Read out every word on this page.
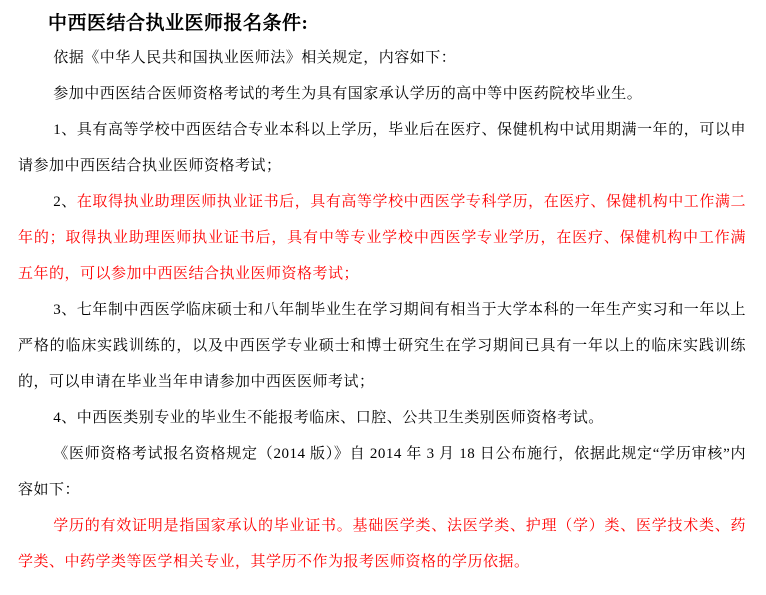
中西医结合执业医师报名条件:

依据《中华人民共和国执业医师法》相关规定，内容如下：

参加中西医结合医师资格考试的考生为具有国家承认学历的高中等中医药院校毕业生。

1、具有高等学校中西医结合专业本科以上学历，毕业后在医疗、保健机构中试用期满一年的，可以申请参加中西医结合执业医师资格考试；

2、在取得执业助理医师执业证书后，具有高等学校中西医学专科学历，在医疗、保健机构中工作满二年的；取得执业助理医师执业证书后，具有中等专业学校中西医学专业学历，在医疗、保健机构中工作满五年的，可以参加中西医结合执业医师资格考试；

3、七年制中西医学临床硕士和八年制毕业生在学习期间有相当于大学本科的一年生产实习和一年以上严格的临床实践训练的，以及中西医学专业硕士和博士研究生在学习期间已具有一年以上的临床实践训练的，可以申请在毕业当年申请参加中西医医师考试；

4、中西医类别专业的毕业生不能报考临床、口腔、公共卫生类别医师资格考试。

《医师资格考试报名资格规定（2014 版）》自 2014 年 3 月 18 日公布施行，依据此规定“学历审核”内容如下：

学历的有效证明是指国家承认的毕业证书。基础医学类、法医学类、护理（学）类、医学技术类、药学类、中药学类等医学相关专业，其学历不作为报考医师资格的学历依据。
